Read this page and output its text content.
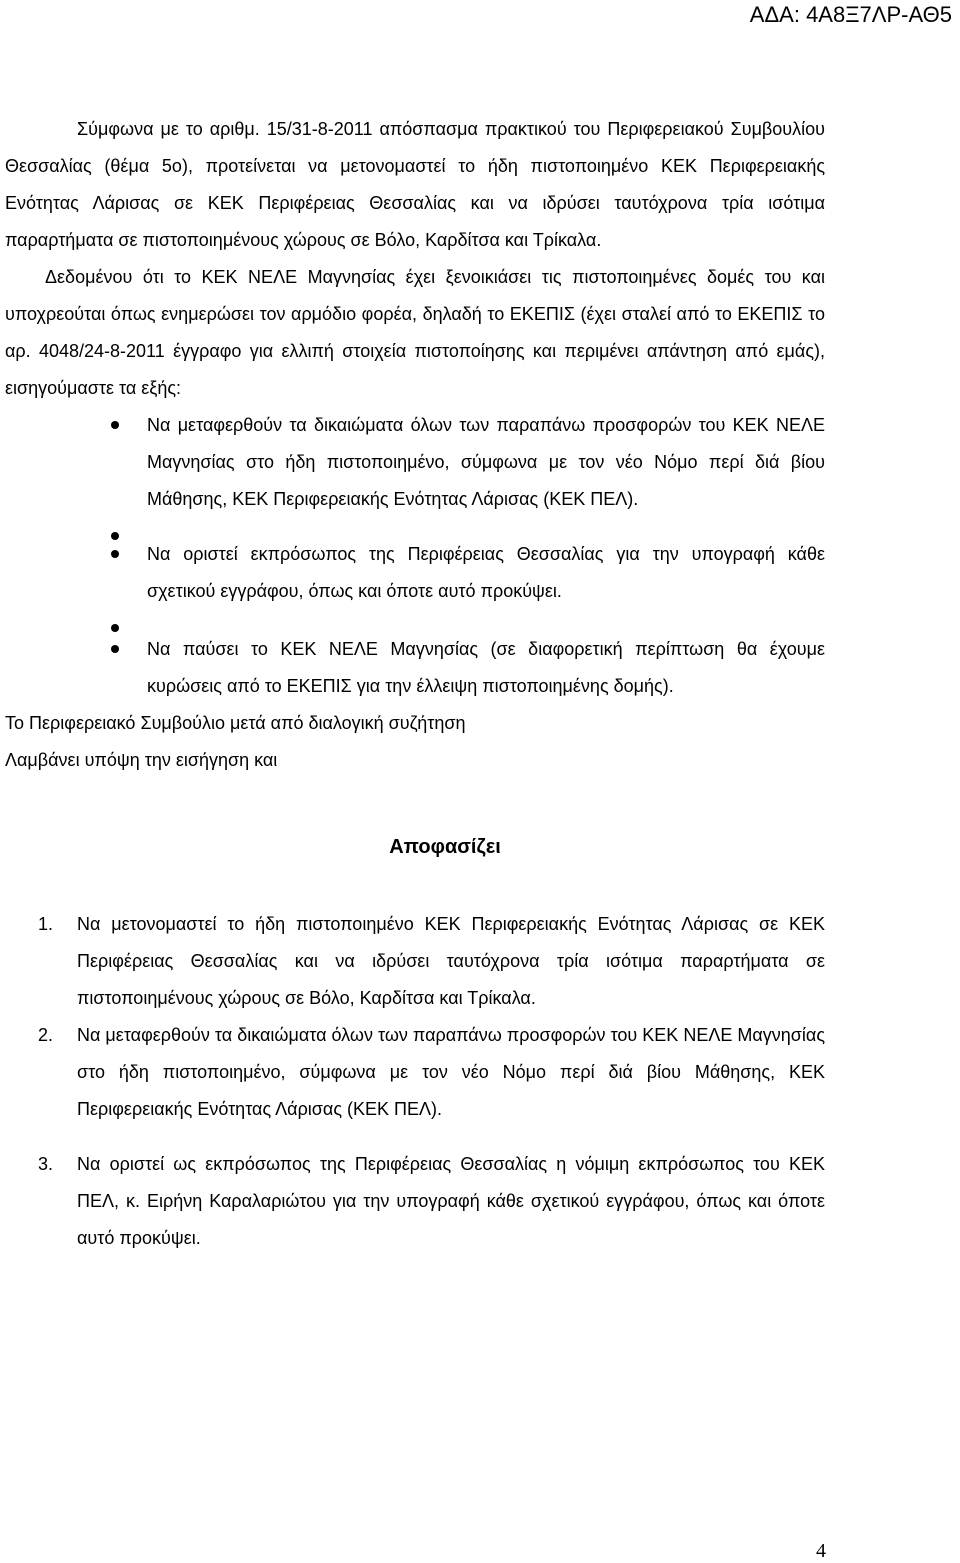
ΑΔΑ: 4Α8Ξ7ΛΡ-ΑΘ5

Σύμφωνα με το αριθμ. 15/31-8-2011 απόσπασμα πρακτικού του Περιφερειακού Συμβουλίου Θεσσαλίας (θέμα 5ο), προτείνεται να μετονομαστεί το ήδη πιστοποιημένο ΚΕΚ Περιφερειακής Ενότητας Λάρισας σε ΚΕΚ Περιφέρειας Θεσσαλίας και να ιδρύσει ταυτόχρονα τρία ισότιμα παραρτήματα σε πιστοποιημένους χώρους σε Βόλο, Καρδίτσα και Τρίκαλα.

Δεδομένου ότι το ΚΕΚ ΝΕΛΕ Μαγνησίας έχει ξενοικιάσει τις πιστοποιημένες δομές του και υποχρεούται όπως ενημερώσει τον αρμόδιο φορέα, δηλαδή το ΕΚΕΠΙΣ (έχει σταλεί από το ΕΚΕΠΙΣ το αρ. 4048/24-8-2011 έγγραφο για ελλιπή στοιχεία πιστοποίησης και περιμένει απάντηση από εμάς), εισηγούμαστε τα εξής:

Να μεταφερθούν τα δικαιώματα όλων των παραπάνω προσφορών του ΚΕΚ ΝΕΛΕ Μαγνησίας στο ήδη πιστοποιημένο, σύμφωνα με τον νέο Νόμο περί διά βίου Μάθησης, ΚΕΚ Περιφερειακής Ενότητας Λάρισας (ΚΕΚ ΠΕΛ).
Να οριστεί εκπρόσωπος της Περιφέρειας Θεσσαλίας για την υπογραφή κάθε σχετικού εγγράφου, όπως και όποτε αυτό προκύψει.
Να παύσει το ΚΕΚ ΝΕΛΕ Μαγνησίας (σε διαφορετική περίπτωση θα έχουμε κυρώσεις από το ΕΚΕΠΙΣ για την έλλειψη πιστοποιημένης δομής).

Το Περιφερειακό Συμβούλιο μετά από διαλογική συζήτηση

Λαμβάνει υπόψη την εισήγηση και

Αποφασίζει
1. Να μετονομαστεί το ήδη πιστοποιημένο ΚΕΚ Περιφερειακής Ενότητας Λάρισας σε ΚΕΚ Περιφέρειας Θεσσαλίας και να ιδρύσει ταυτόχρονα τρία ισότιμα παραρτήματα σε πιστοποιημένους χώρους σε Βόλο, Καρδίτσα και Τρίκαλα.
2. Να μεταφερθούν τα δικαιώματα όλων των παραπάνω προσφορών του ΚΕΚ ΝΕΛΕ Μαγνησίας στο ήδη πιστοποιημένο, σύμφωνα με τον νέο Νόμο περί διά βίου Μάθησης, ΚΕΚ Περιφερειακής Ενότητας Λάρισας (ΚΕΚ ΠΕΛ).
3. Να οριστεί ως εκπρόσωπος της Περιφέρειας Θεσσαλίας η νόμιμη εκπρόσωπος του ΚΕΚ ΠΕΛ, κ. Ειρήνη Καραλαριώτου για την υπογραφή κάθε σχετικού εγγράφου, όπως και όποτε αυτό προκύψει.
4
